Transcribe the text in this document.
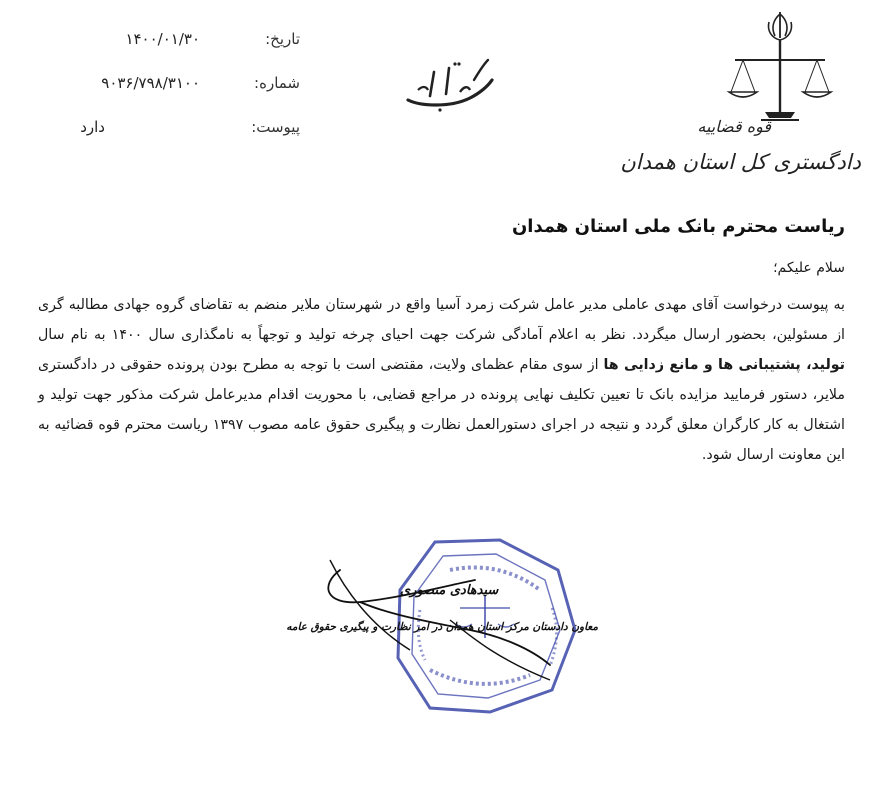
تاریخ:
۱۴۰۰/۰۱/۳۰
شماره:
۹۰۳۶/۷۹۸/۳۱۰۰
پیوست:
دارد	قوه قضاییه
دادگستری کل استان همدان
ریاست محترم بانک ملی استان همدان
سلام علیکم؛
به پیوست درخواست آقای مهدی عاملی مدیر عامل شرکت زمرد آسیا واقع در شهرستان ملایر منضم به تقاضای گروه جهادی مطالبه گری از مسئولین، بحضور ارسال میگردد. نظر به اعلام آمادگی شرکت جهت احیای چرخه تولید و توجهاً به نامگذاری سال ۱۴۰۰ به نام سال تولید، پشتیبانی ها و مانع زدایی ها از سوی مقام عظمای ولایت، مقتضی است با توجه به مطرح بودن پرونده حقوقی در دادگستری ملایر، دستور فرمایید مزایده بانک تا تعیین تکلیف نهایی پرونده در مراجع قضایی، با محوریت اقدام مدیرعامل شرکت مذکور جهت تولید و اشتغال به کار کارگران معلق گردد و نتیجه در اجرای دستورالعمل نظارت و پیگیری حقوق عامه مصوب ۱۳۹۷ ریاست محترم قوه قضائیه به این معاونت ارسال شود.
سیدهادی منصوری
معاون دادستان مرکز استان همدان در امر نظارت و پیگیری حقوق عامه
